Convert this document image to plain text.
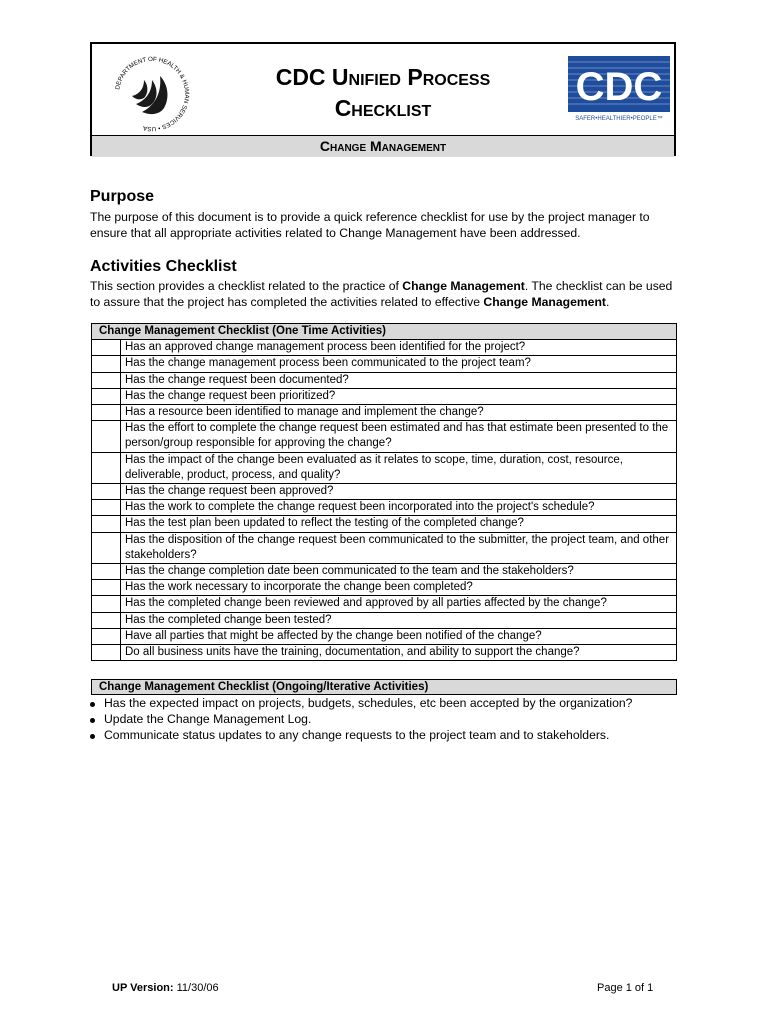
DEPARTMENT OF HEALTH & HUMAN SERVICES • USA
CDC Unified Process
Checklist	CDC
SAFER•HEALTHIER•PEOPLE™
Change Management
Purpose
The purpose of this document is to provide a quick reference checklist for use by the project manager to ensure that all appropriate activities related to Change Management have been addressed.
Activities Checklist
This section provides a checklist related to the practice of Change Management. The checklist can be used to assure that the project has completed the activities related to effective Change Management.
Change Management Checklist (One Time Activities)	
	Has an approved change management process been identified for the project?
	Has the change management process been communicated to the project team?
	Has the change request been documented?
	Has the change request been prioritized?
	Has a resource been identified to manage and implement the change?
	Has the effort to complete the change request been estimated and has that estimate been presented to the person/group responsible for approving the change?
	Has the impact of the change been evaluated as it relates to scope, time, duration, cost, resource, deliverable, product, process, and quality?
	Has the change request been approved?
	Has the work to complete the change request been incorporated into the project's schedule?
	Has the test plan been updated to reflect the testing of the completed change?
	Has the disposition of the change request been communicated to the submitter, the project team, and other stakeholders?
	Has the change completion date been communicated to the team and the stakeholders?
	Has the work necessary to incorporate the change been completed?
	Has the completed change been reviewed and approved by all parties affected by the change?
	Has the completed change been tested?
	Have all parties that might be affected by the change been notified of the change?
	Do all business units have the training, documentation, and ability to support the change?
Change Management Checklist (Ongoing/Iterative Activities)
Has the expected impact on projects, budgets, schedules, etc been accepted by the organization?
Update the Change Management Log.
Communicate status updates to any change requests to the project team and to stakeholders.
UP Version: 11/30/06	Page 1 of 1
